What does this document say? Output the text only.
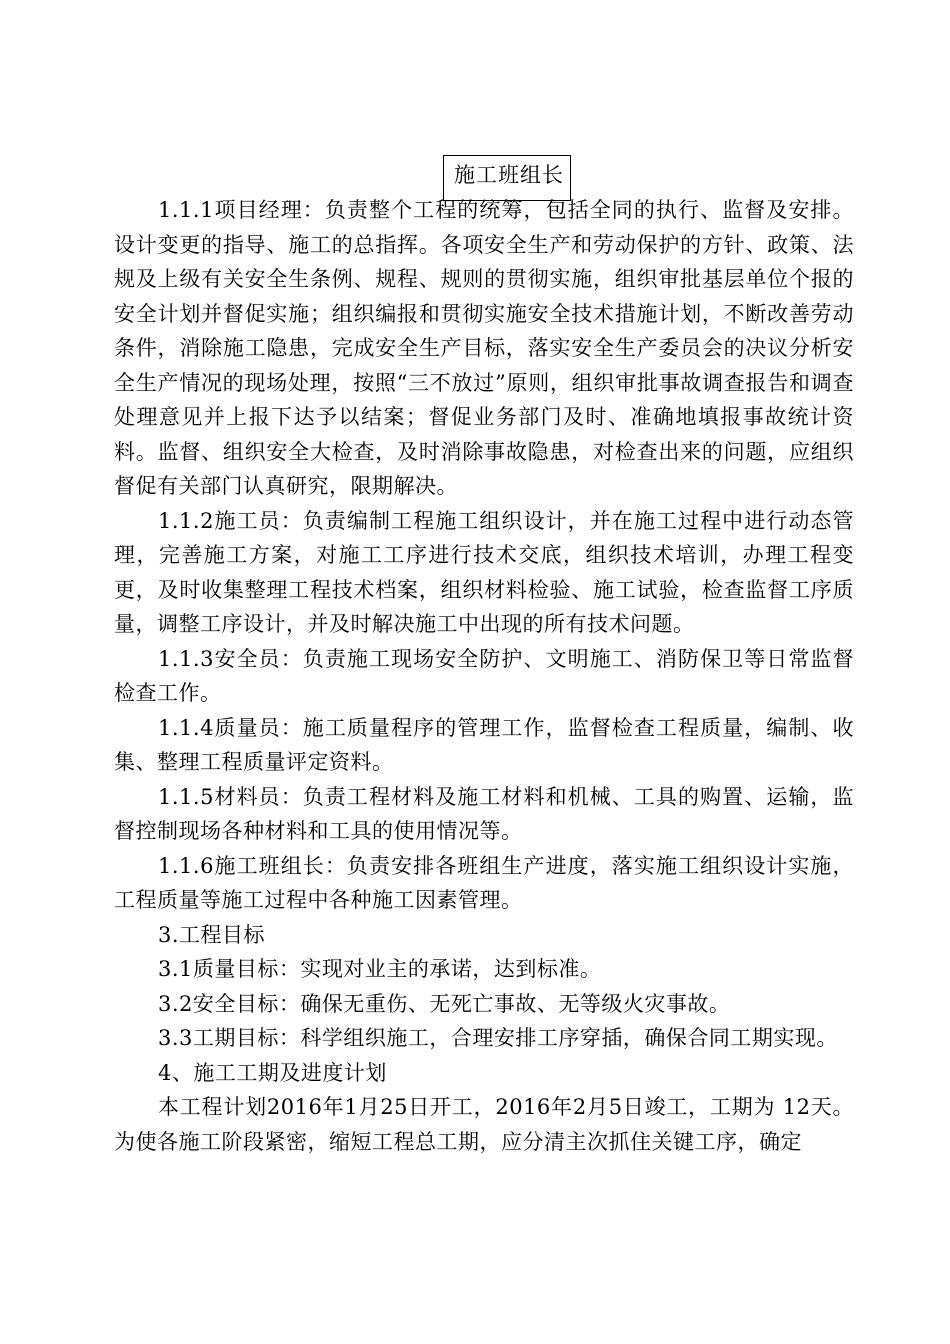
施工班组长

1.1.1项目经理：负责整个工程的统筹，包括全同的执行、监督及安排。设计变更的指导、施工的总指挥。各项安全生产和劳动保护的方针、政策、法规及上级有关安全生条例、规程、规则的贯彻实施，组织审批基层单位个报的安全计划并督促实施；组织编报和贯彻实施安全技术措施计划，不断改善劳动条件，消除施工隐患，完成安全生产目标，落实安全生产委员会的决议分析安全生产情况的现场处理，按照“三不放过”原则，组织审批事故调查报告和调查处理意见并上报下达予以结案；督促业务部门及时、准确地填报事故统计资料。监督、组织安全大检查，及时消除事故隐患，对检查出来的问题，应组织督促有关部门认真研究，限期解决。

1.1.2施工员：负责编制工程施工组织设计，并在施工过程中进行动态管理，完善施工方案，对施工工序进行技术交底，组织技术培训，办理工程变更，及时收集整理工程技术档案，组织材料检验、施工试验，检查监督工序质量，调整工序设计，并及时解决施工中出现的所有技术问题。

1.1.3安全员：负责施工现场安全防护、文明施工、消防保卫等日常监督检查工作。

1.1.4质量员：施工质量程序的管理工作，监督检查工程质量，编制、收集、整理工程质量评定资料。

1.1.5材料员：负责工程材料及施工材料和机械、工具的购置、运输，监督控制现场各种材料和工具的使用情况等。

1.1.6施工班组长：负责安排各班组生产进度，落实施工组织设计实施，工程质量等施工过程中各种施工因素管理。

3.工程目标

3.1质量目标：实现对业主的承诺，达到标准。

3.2安全目标：确保无重伤、无死亡事故、无等级火灾事故。

3.3工期目标：科学组织施工，合理安排工序穿插，确保合同工期实现。

4、施工工期及进度计划

本工程计划2016年1月25日开工，2016年2月5日竣工，工期为 12天。为使各施工阶段紧密，缩短工程总工期，应分清主次抓住关键工序，确定
